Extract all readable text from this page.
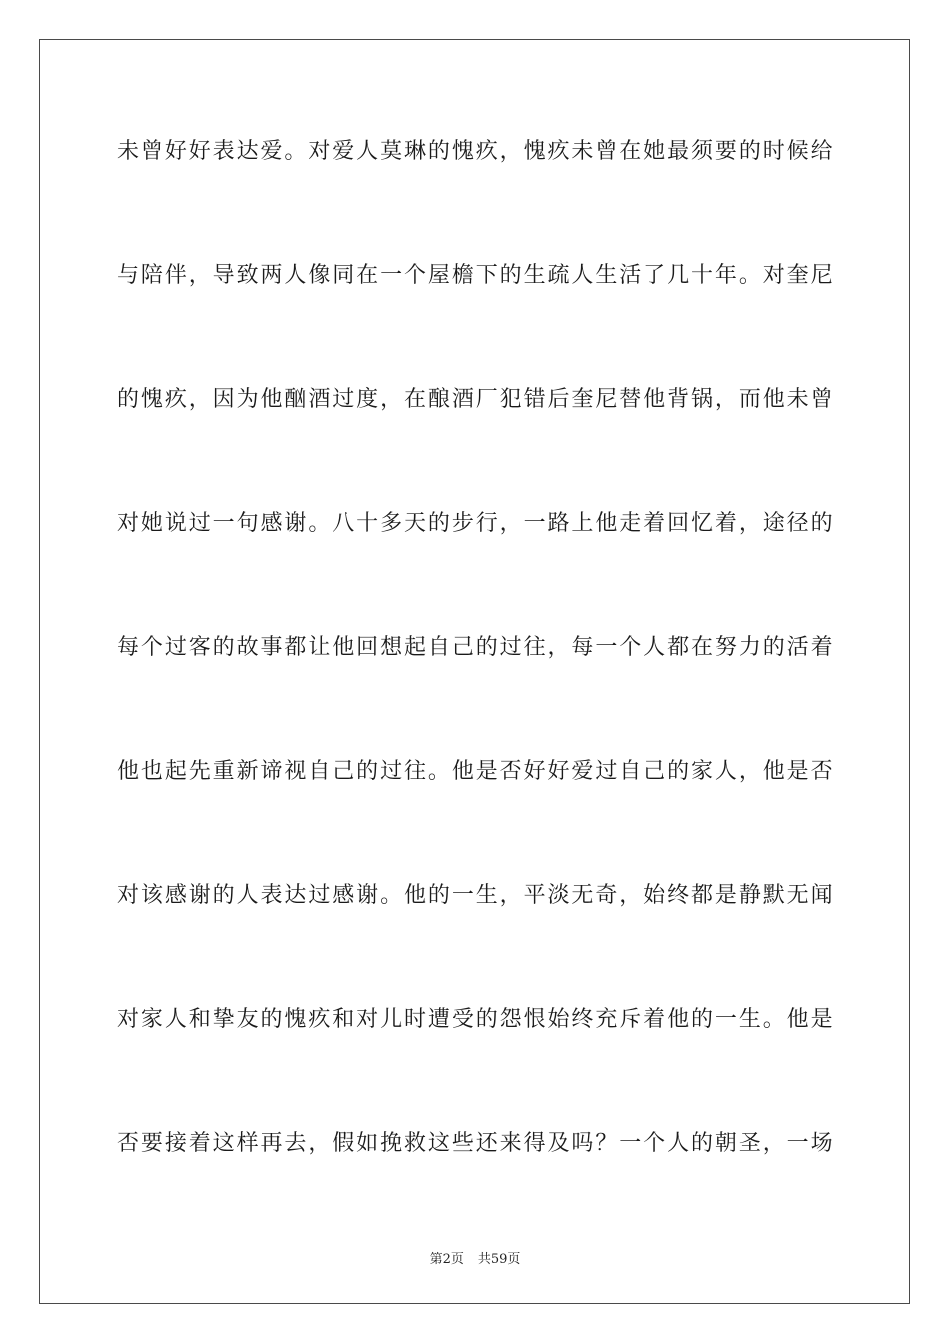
未曾好好表达爱。对爱人莫琳的愧疚，愧疚未曾在她最须要的时候给
与陪伴，导致两人像同在一个屋檐下的生疏人生活了几十年。对奎尼
的愧疚，因为他酗酒过度，在酿酒厂犯错后奎尼替他背锅，而他未曾
对她说过一句感谢。八十多天的步行，一路上他走着回忆着，途径的
每个过客的故事都让他回想起自己的过往，每一个人都在努力的活着
他也起先重新谛视自己的过往。他是否好好爱过自己的家人，他是否
对该感谢的人表达过感谢。他的一生，平淡无奇，始终都是静默无闻
对家人和挚友的愧疚和对儿时遭受的怨恨始终充斥着他的一生。他是
否要接着这样再去，假如挽救这些还来得及吗？一个人的朝圣，一场
第2页 共59页
